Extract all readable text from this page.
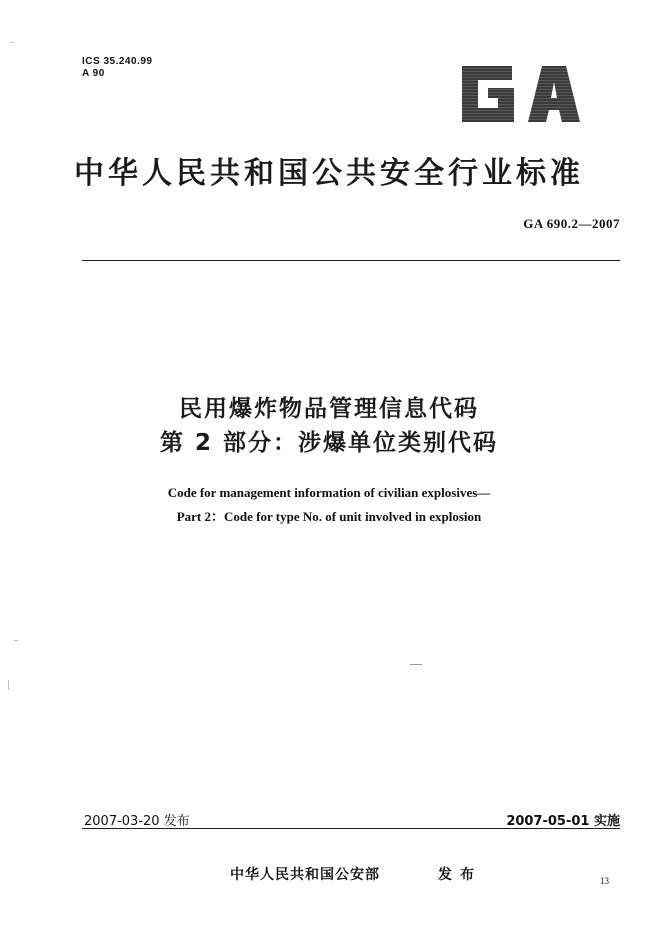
ICS 35.240.99
A 90
中华人民共和国公共安全行业标准
GA 690.2—2007
民用爆炸物品管理信息代码
第 2 部分：涉爆单位类别代码
Code for management information of civilian explosives—
Part 2：Code for type No. of unit involved in explosion
2007-03-20 发布	2007-05-01 实施
中华人民共和国公安部	发布	13
